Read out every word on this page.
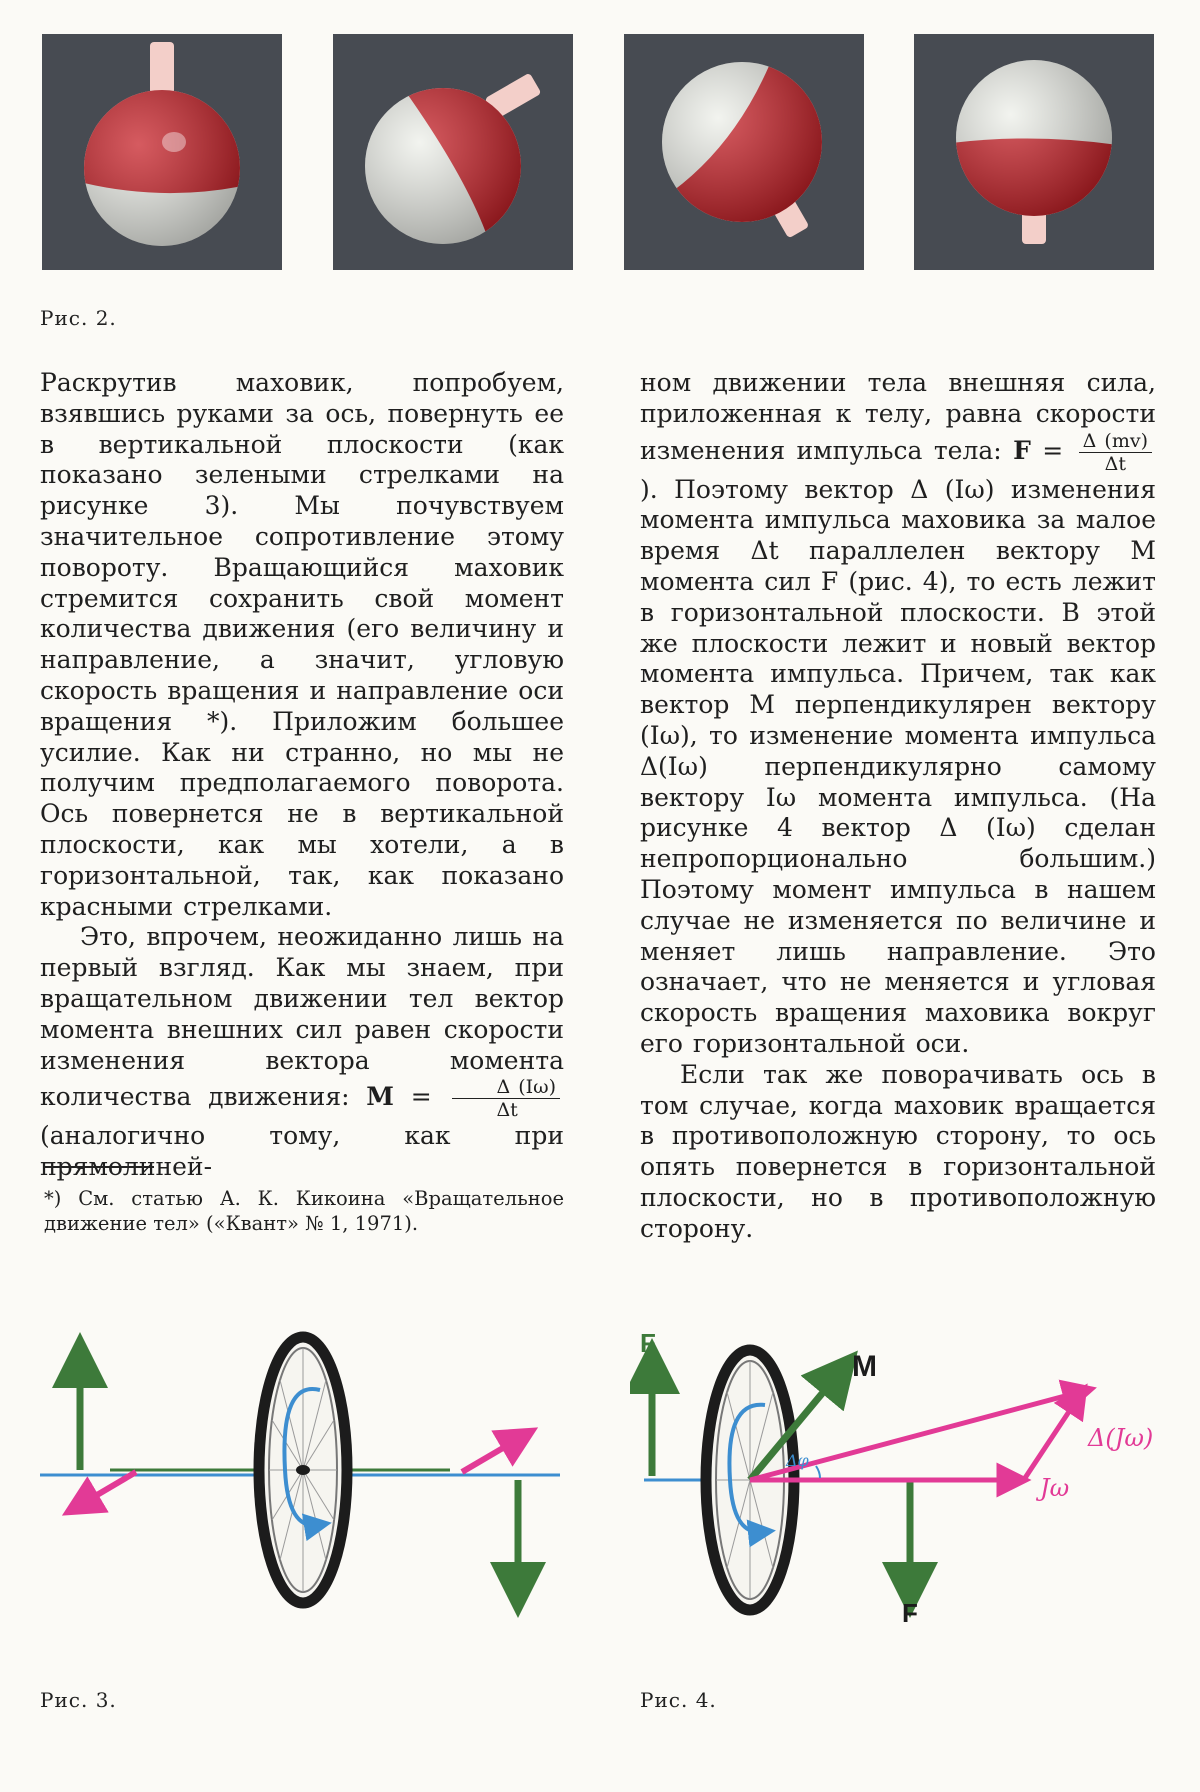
Рис. 2.

Раскрутив маховик, попробуем, взявшись руками за ось, повернуть ее в вертикальной плоскости (как показано зелеными стрелками на рисунке 3). Мы почувствуем значительное сопротивление этому повороту. Вращающийся маховик стремится сохранить свой момент количества движения (его величину и направление, а значит, угловую скорость вращения и направление оси вращения *). Приложим большее усилие. Как ни странно, но мы не получим предполагаемого поворота. Ось повернется не в вертикальной плоскости, как мы хотели, а в горизонтальной, так, как показано красными стрелками.

Это, впрочем, неожиданно лишь на первый взгляд. Как мы знаем, при вращательном движении тел вектор момента внешних сил равен скорости изменения вектора момента количества движения: $M = \frac{\Delta (I\omega)}{\Delta t}$
(аналогично тому, как при прямолиней-

ном движении тела внешняя сила, приложенная к телу, равна скорости изменения импульса тела: $F = \frac{\Delta (mv)}{\Delta t}$
). Поэтому вектор Δ (Iω) изменения момента импульса маховика за малое время Δt параллелен вектору M момента сил F (рис. 4), то есть лежит в горизонтальной плоскости. В этой же плоскости лежит и новый вектор момента импульса. Причем, так как вектор M перпендикулярен вектору (Iω), то изменение момента импульса Δ(Iω) перпендикулярно самому вектору Iω момента импульса. (На рисунке 4 вектор Δ (Iω) сделан непропорционально большим.) Поэтому момент импульса в нашем случае не изменяется по величине и меняет лишь направление. Это означает, что не меняется и угловая скорость вращения маховика вокруг его горизонтальной оси.

Если так же поворачивать ось в том случае, когда маховик вращается в противоположную сторону, то ось опять повернется в горизонтальной плоскости, но в противоположную сторону.

*) См. статью А. К. Кикоина «Вращательное движение тел» («Квант» № 1, 1971).
Рис. 3.
F
F
M
Δφ
Δ(Jω)
Jω
Рис. 4.
